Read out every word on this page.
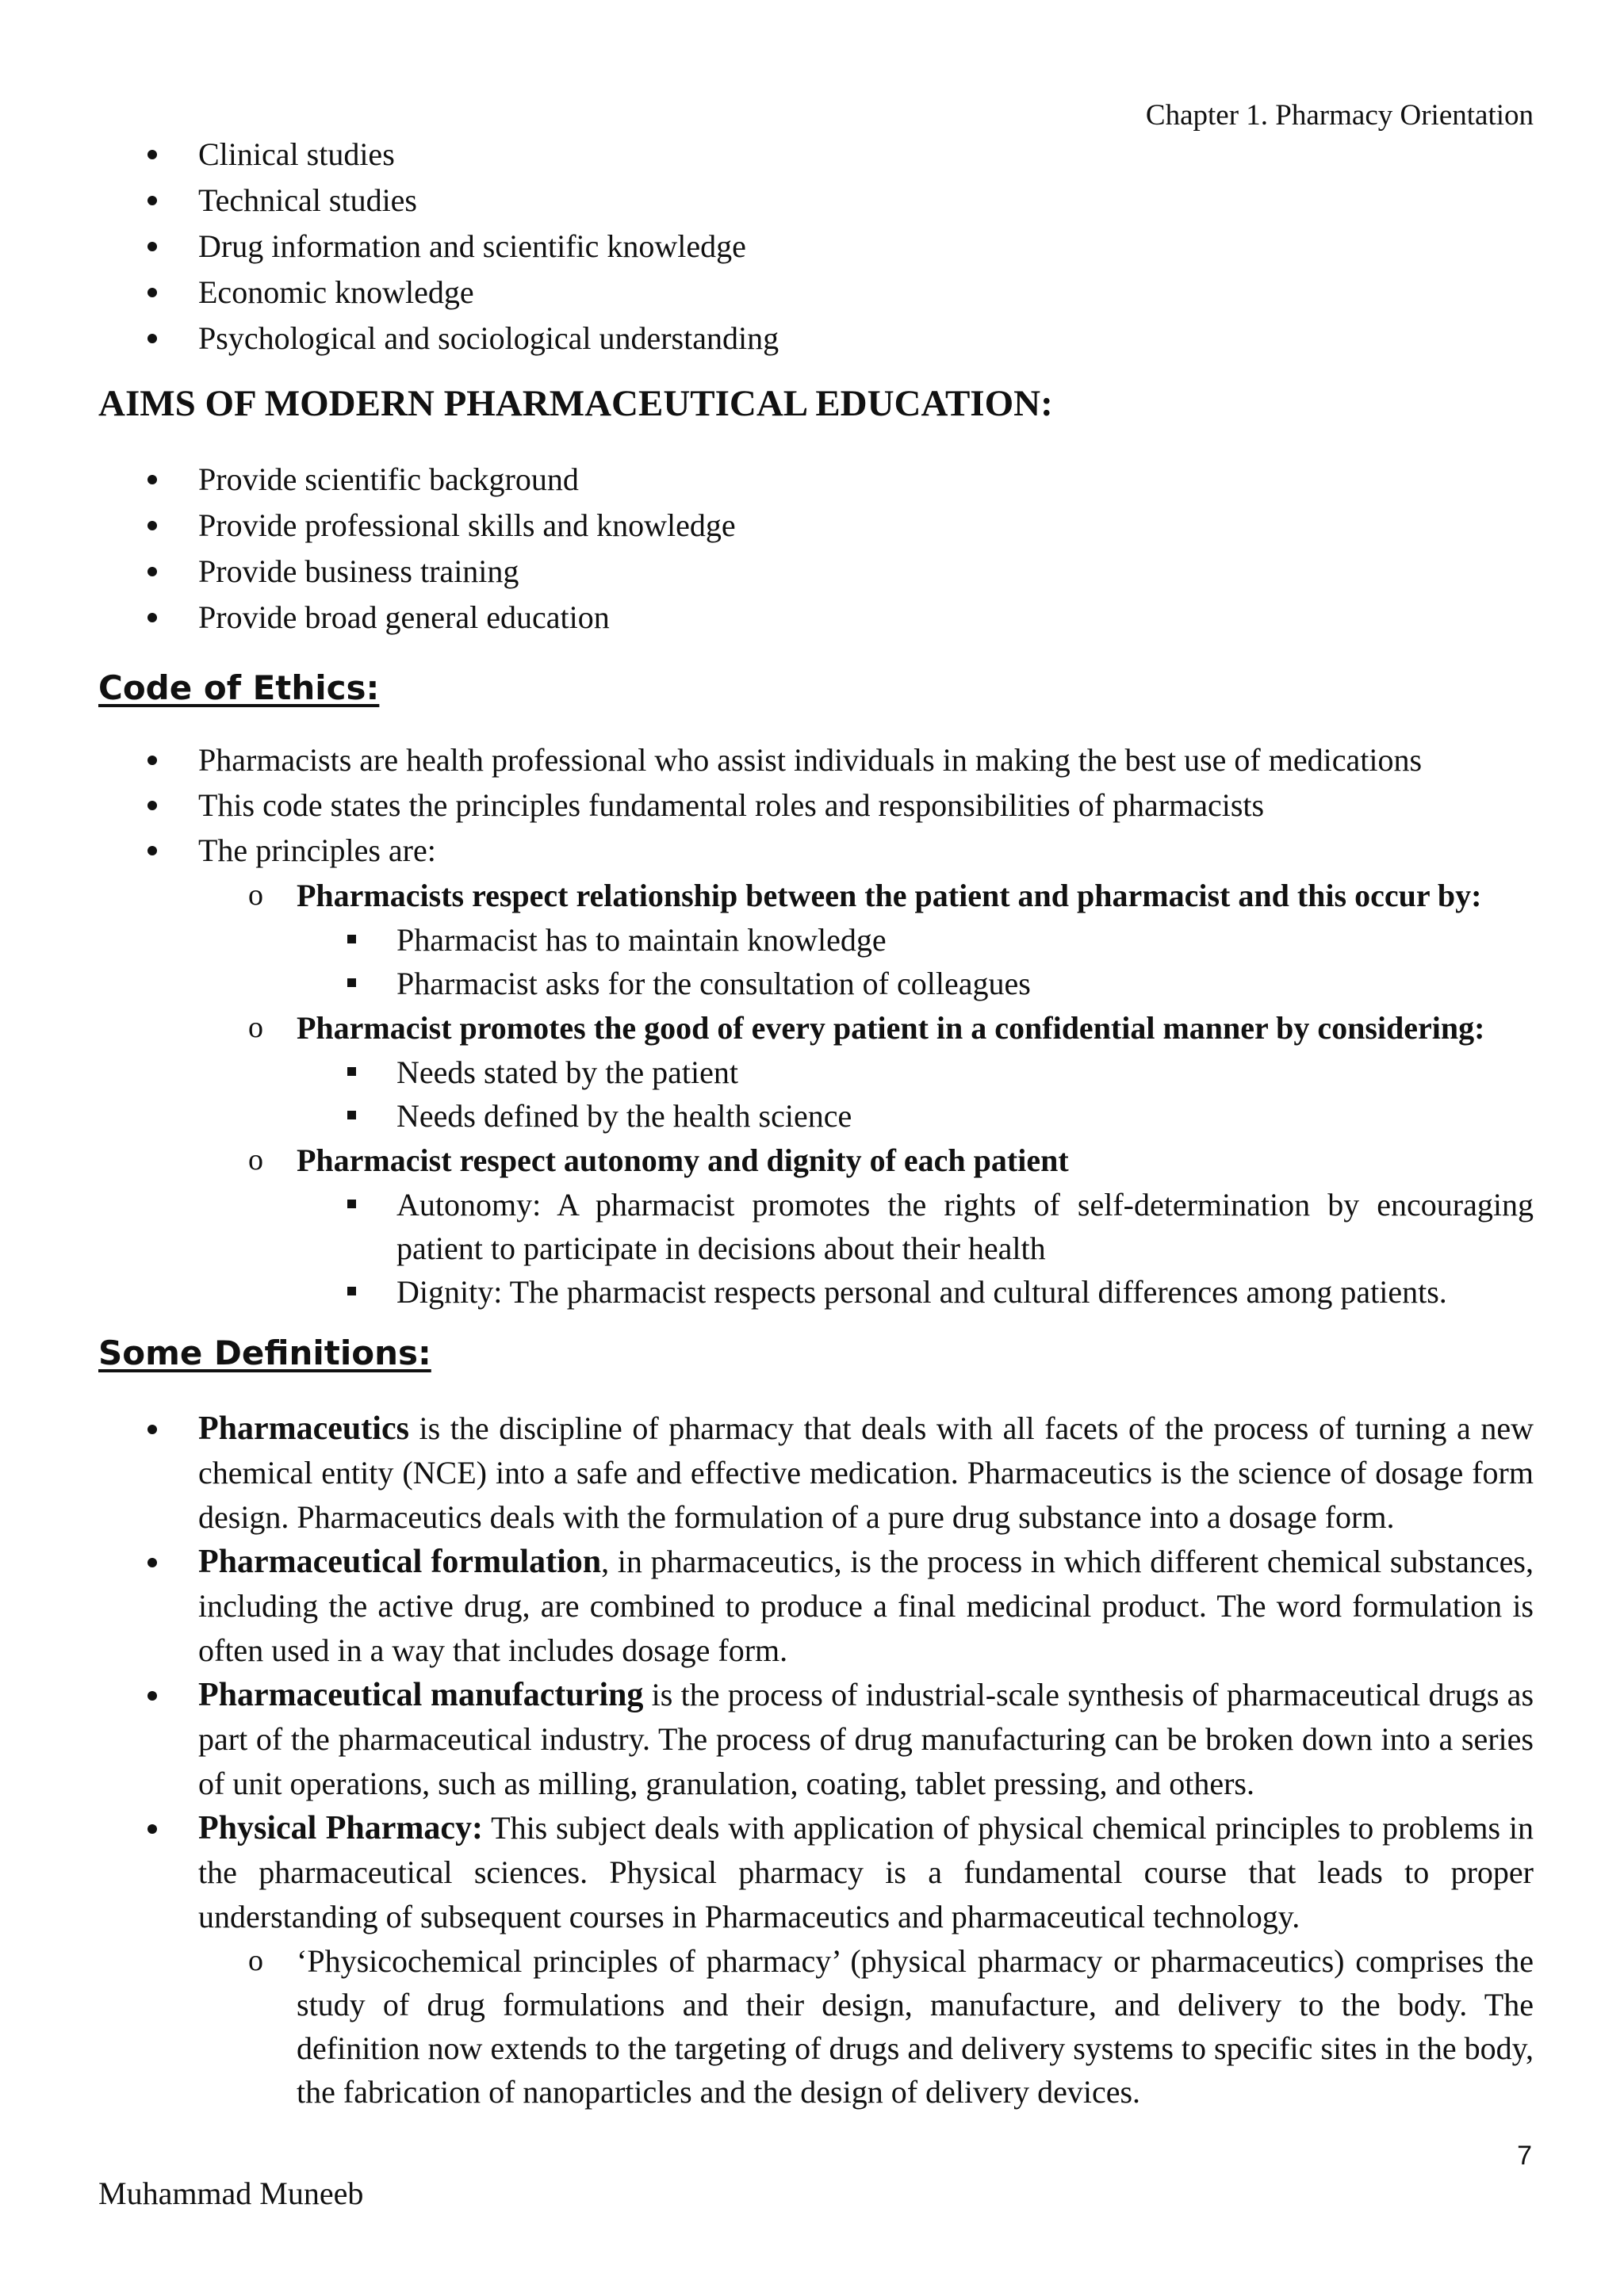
Chapter 1. Pharmacy Orientation
Clinical studies
Technical studies
Drug information and scientific knowledge
Economic knowledge
Psychological and sociological understanding
AIMS OF MODERN PHARMACEUTICAL EDUCATION:
Provide scientific background
Provide professional skills and knowledge
Provide business training
Provide broad general education
Code of Ethics:
Pharmacists are health professional who assist individuals in making the best use of medications
This code states the principles fundamental roles and responsibilities of pharmacists
The principles are:
o	Pharmacists respect relationship between the patient and pharmacist and this occur by:
Pharmacist has to maintain knowledge
Pharmacist asks for the consultation of colleagues
o	Pharmacist promotes the good of every patient in a confidential manner by considering:
Needs stated by the patient
Needs defined by the health science
o	Pharmacist respect autonomy and dignity of each patient
Autonomy: A pharmacist promotes the rights of self-determination by encouraging patient to participate in decisions about their health
Dignity: The pharmacist respects personal and cultural differences among patients.
Some Definitions:
Pharmaceutics is the discipline of pharmacy that deals with all facets of the process of turning a new chemical entity (NCE) into a safe and effective medication. Pharmaceutics is the science of dosage form design. Pharmaceutics deals with the formulation of a pure drug substance into a dosage form.
Pharmaceutical formulation, in pharmaceutics, is the process in which different chemical substances, including the active drug, are combined to produce a final medicinal product. The word formulation is often used in a way that includes dosage form.
Pharmaceutical manufacturing is the process of industrial-scale synthesis of pharmaceutical drugs as part of the pharmaceutical industry. The process of drug manufacturing can be broken down into a series of unit operations, such as milling, granulation, coating, tablet pressing, and others.
Physical Pharmacy: This subject deals with application of physical chemical principles to problems in the pharmaceutical sciences. Physical pharmacy is a fundamental course that leads to proper understanding of subsequent courses in Pharmaceutics and pharmaceutical technology.
o ‘Physicochemical principles of pharmacy’ (physical pharmacy or pharmaceutics) comprises the study of drug formulations and their design, manufacture, and delivery to the body. The definition now extends to the targeting of drugs and delivery systems to specific sites in the body, the fabrication of nanoparticles and the design of delivery devices.
7
Muhammad Muneeb
